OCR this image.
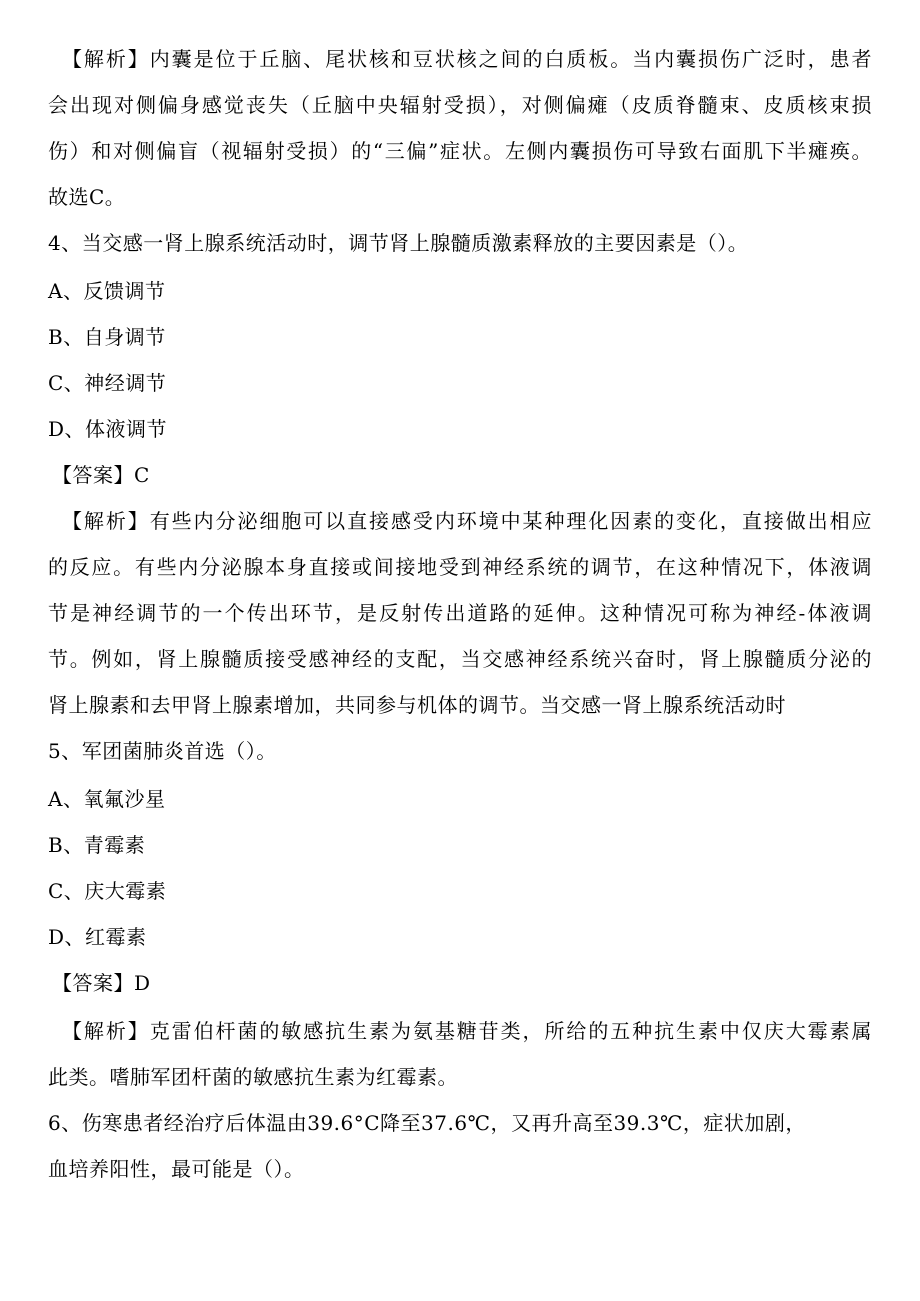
【解析】内囊是位于丘脑、尾状核和豆状核之间的白质板。当内囊损伤广泛时，患者
会出现对侧偏身感觉丧失（丘脑中央辐射受损），对侧偏瘫（皮质脊髓束、皮质核束损
伤）和对侧偏盲（视辐射受损）的“三偏”症状。左侧内囊损伤可导致右面肌下半瘫痪。
故选C。
4、当交感一肾上腺系统活动时，调节肾上腺髓质激素释放的主要因素是（）。
A、反馈调节
B、自身调节
C、神经调节
D、体液调节
【答案】C
【解析】有些内分泌细胞可以直接感受内环境中某种理化因素的变化，直接做出相应
的反应。有些内分泌腺本身直接或间接地受到神经系统的调节，在这种情况下，体液调
节是神经调节的一个传出环节，是反射传出道路的延伸。这种情况可称为神经-体液调
节。例如，肾上腺髓质接受感神经的支配，当交感神经系统兴奋时，肾上腺髓质分泌的
肾上腺素和去甲肾上腺素增加，共同参与机体的调节。当交感一肾上腺系统活动时
5、军团菌肺炎首选（）。
A、氧氟沙星
B、青霉素
C、庆大霉素
D、红霉素
【答案】D
【解析】克雷伯杆菌的敏感抗生素为氨基糖苷类，所给的五种抗生素中仅庆大霉素属
此类。嗜肺军团杆菌的敏感抗生素为红霉素。
6、伤寒患者经治疗后体温由39.6°C降至37.6℃，又再升高至39.3℃，症状加剧，
血培养阳性，最可能是（）。
